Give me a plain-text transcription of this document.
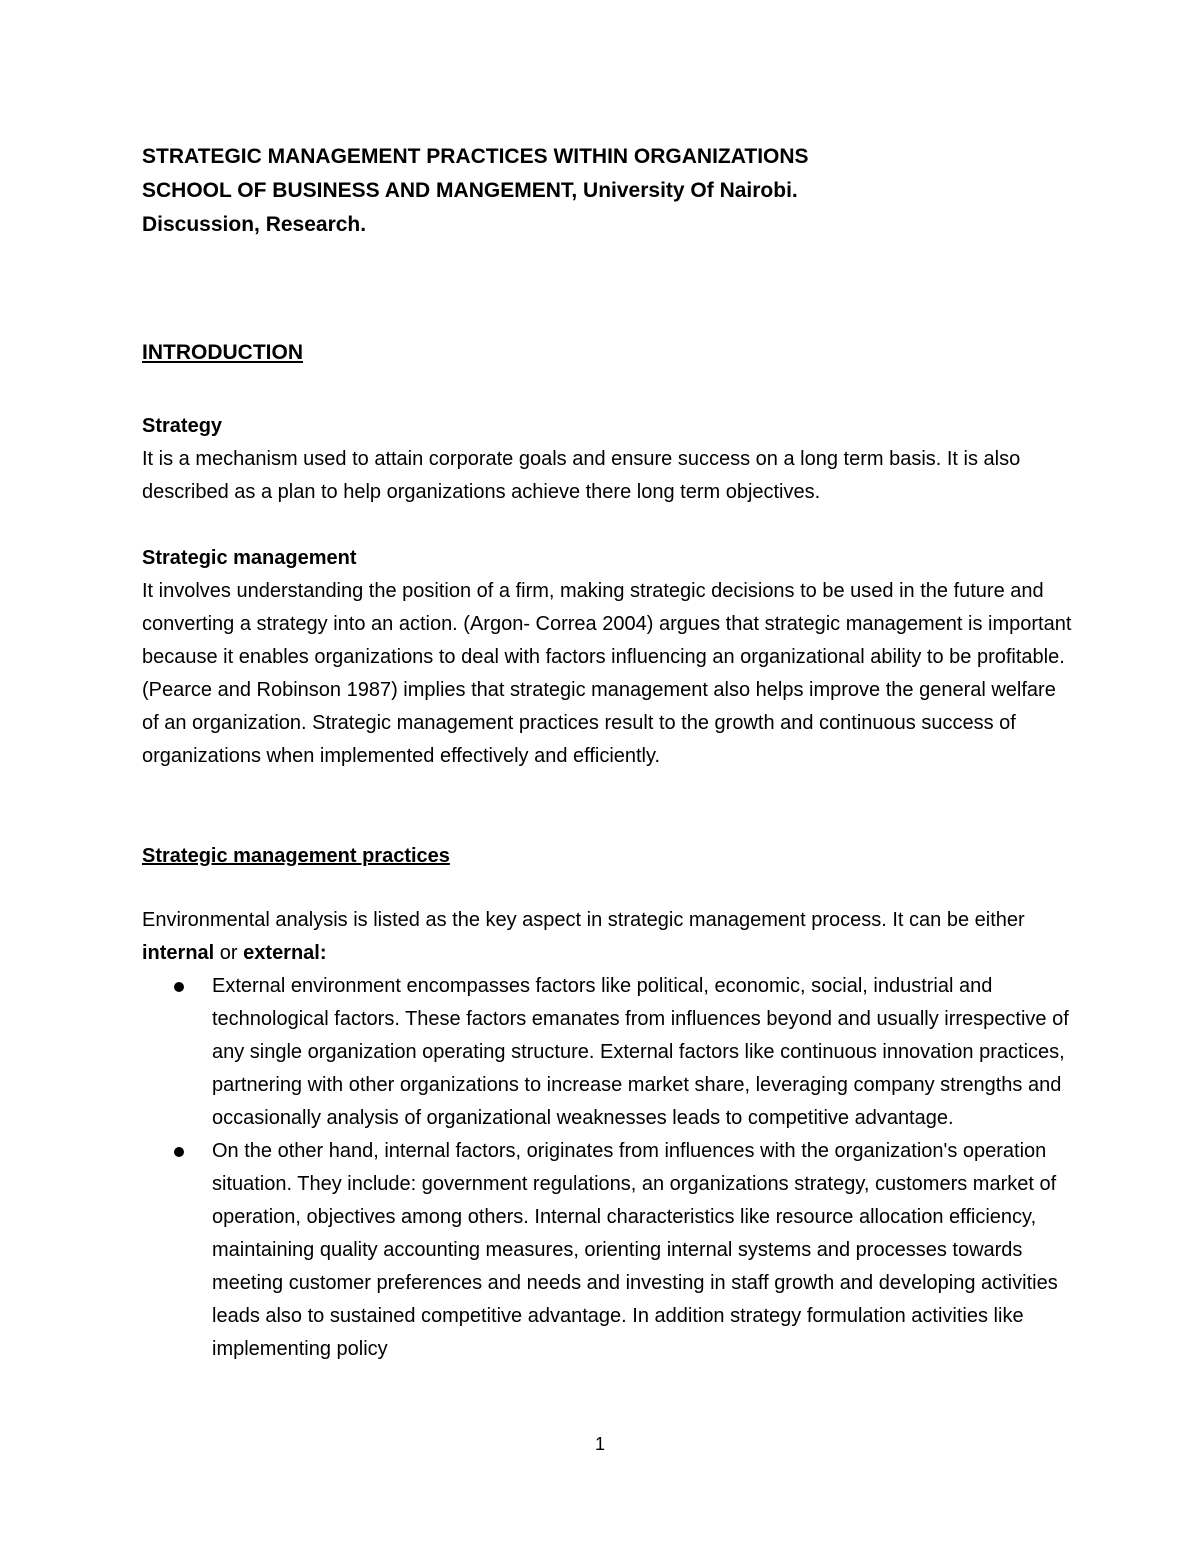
STRATEGIC MANAGEMENT PRACTICES WITHIN ORGANIZATIONS

SCHOOL OF BUSINESS AND MANGEMENT, University Of Nairobi.

Discussion, Research.

INTRODUCTION

Strategy

It is a mechanism used to attain corporate goals and ensure success on a long term basis. It is also described as a plan to help organizations achieve there long term objectives.

Strategic management

It involves understanding the position of a firm, making strategic decisions to be used in the future and converting a strategy into an action. (Argon- Correa 2004) argues that strategic management is important because it enables organizations to deal with factors influencing an organizational ability to be profitable. (Pearce and Robinson 1987) implies that strategic management also helps improve the general welfare of an organization. Strategic management practices result to the growth and continuous success of organizations when implemented effectively and efficiently.

Strategic management practices

Environmental analysis is listed as the key aspect in strategic management process. It can be either internal or external:

External environment encompasses factors like political, economic, social, industrial and technological factors. These factors emanates from influences beyond and usually irrespective of any single organization operating structure. External factors like continuous innovation practices, partnering with other organizations to increase market share, leveraging company strengths and occasionally analysis of organizational weaknesses leads to competitive advantage.
On the other hand, internal factors, originates from influences with the organization's operation situation. They include: government regulations, an organizations strategy, customers market of operation, objectives among others. Internal characteristics like resource allocation efficiency, maintaining quality accounting measures, orienting internal systems and processes towards meeting customer preferences and needs and investing in staff growth and developing activities leads also to sustained competitive advantage. In addition strategy formulation activities like implementing policy
1
